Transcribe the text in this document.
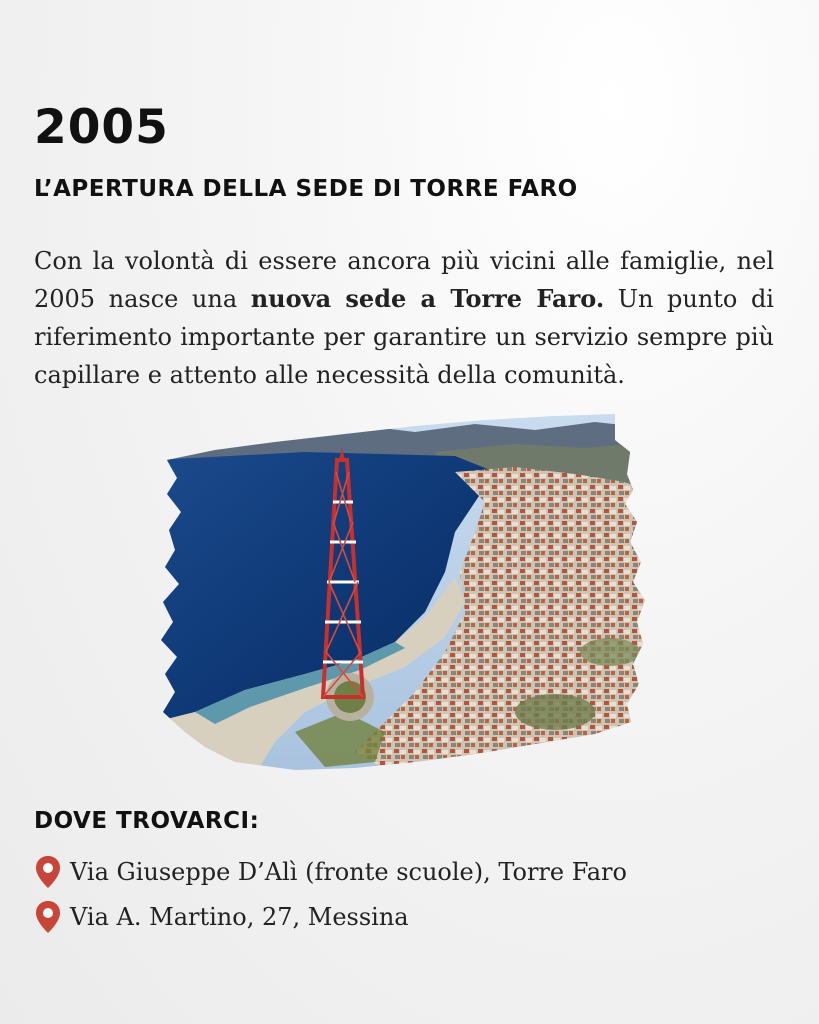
2005
L’APERTURA DELLA SEDE DI TORRE FARO

Con la volontà di essere ancora più vicini alle famiglie, nel 2005 nasce una nuova sede a Torre Faro. Un punto di riferimento importante per garantire un servizio sempre più capillare e attento alle necessità della comunità.

DOVE TROVARCI:
Via Giuseppe D’Alì (fronte scuole), Torre Faro
Via A. Martino, 27, Messina
